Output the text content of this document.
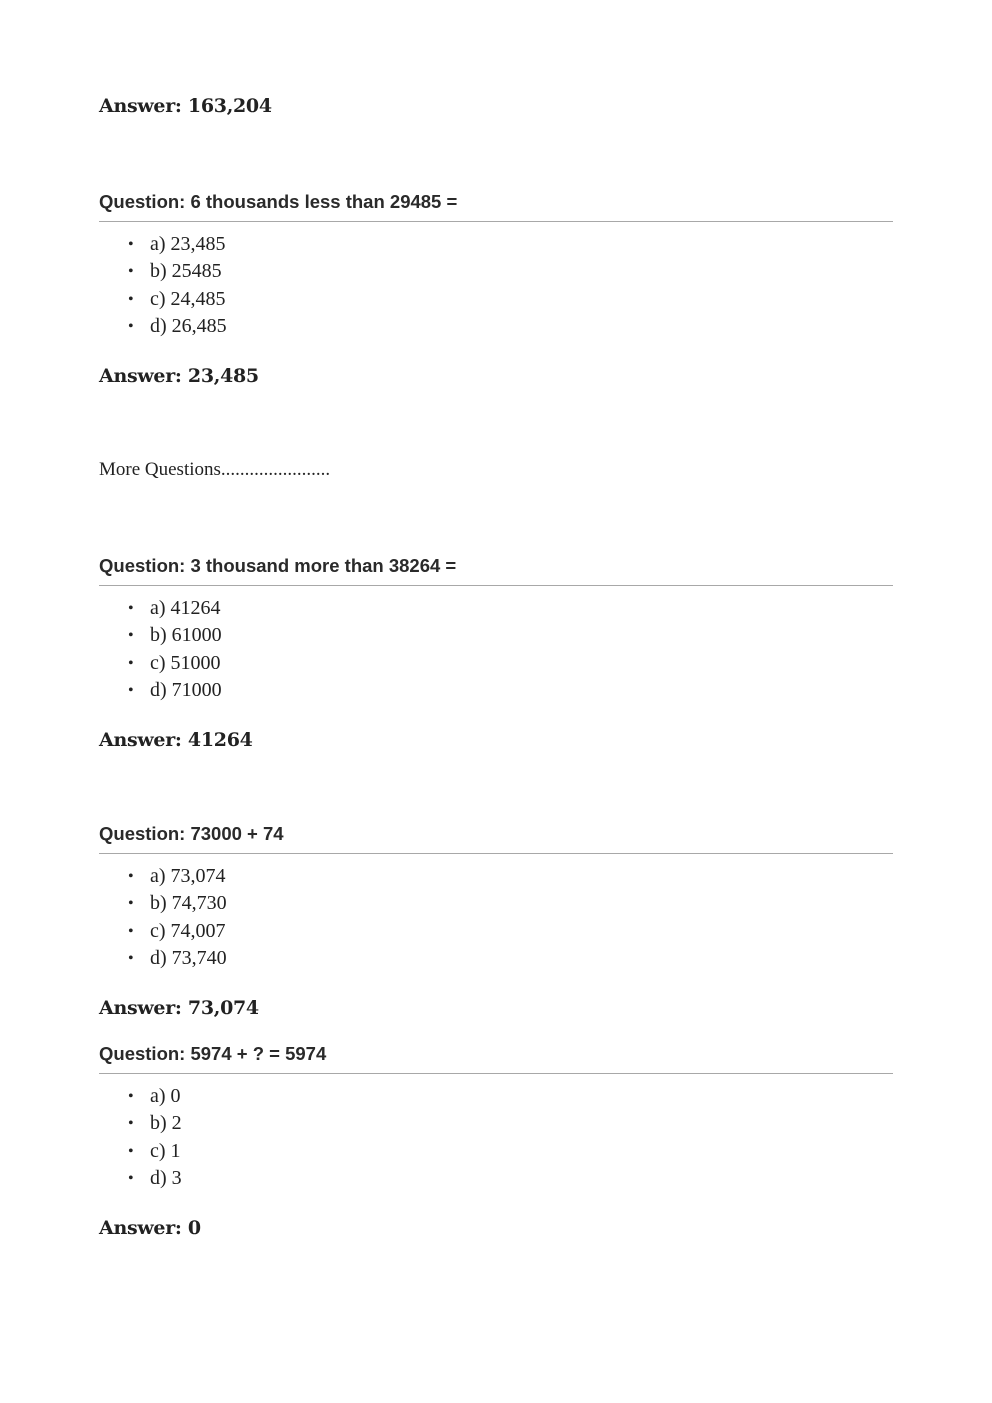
Answer: 163,204

More Questions.......................
Question: 6 thousands less than 29485 =
• a) 23,485
• b) 25485
• c) 24,485
• d) 26,485

Answer: 23,485

Question: 3 thousand more than 38264 =
• a) 41264
• b) 61000
• c) 51000
• d) 71000

Answer: 41264

Question: 73000 + 74
• a) 73,074
• b) 74,730
• c) 74,007
• d) 73,740

Answer: 73,074

Question: 5974 + ? = 5974
• a) 0
• b) 2
• c) 1
• d) 3

Answer: 0
